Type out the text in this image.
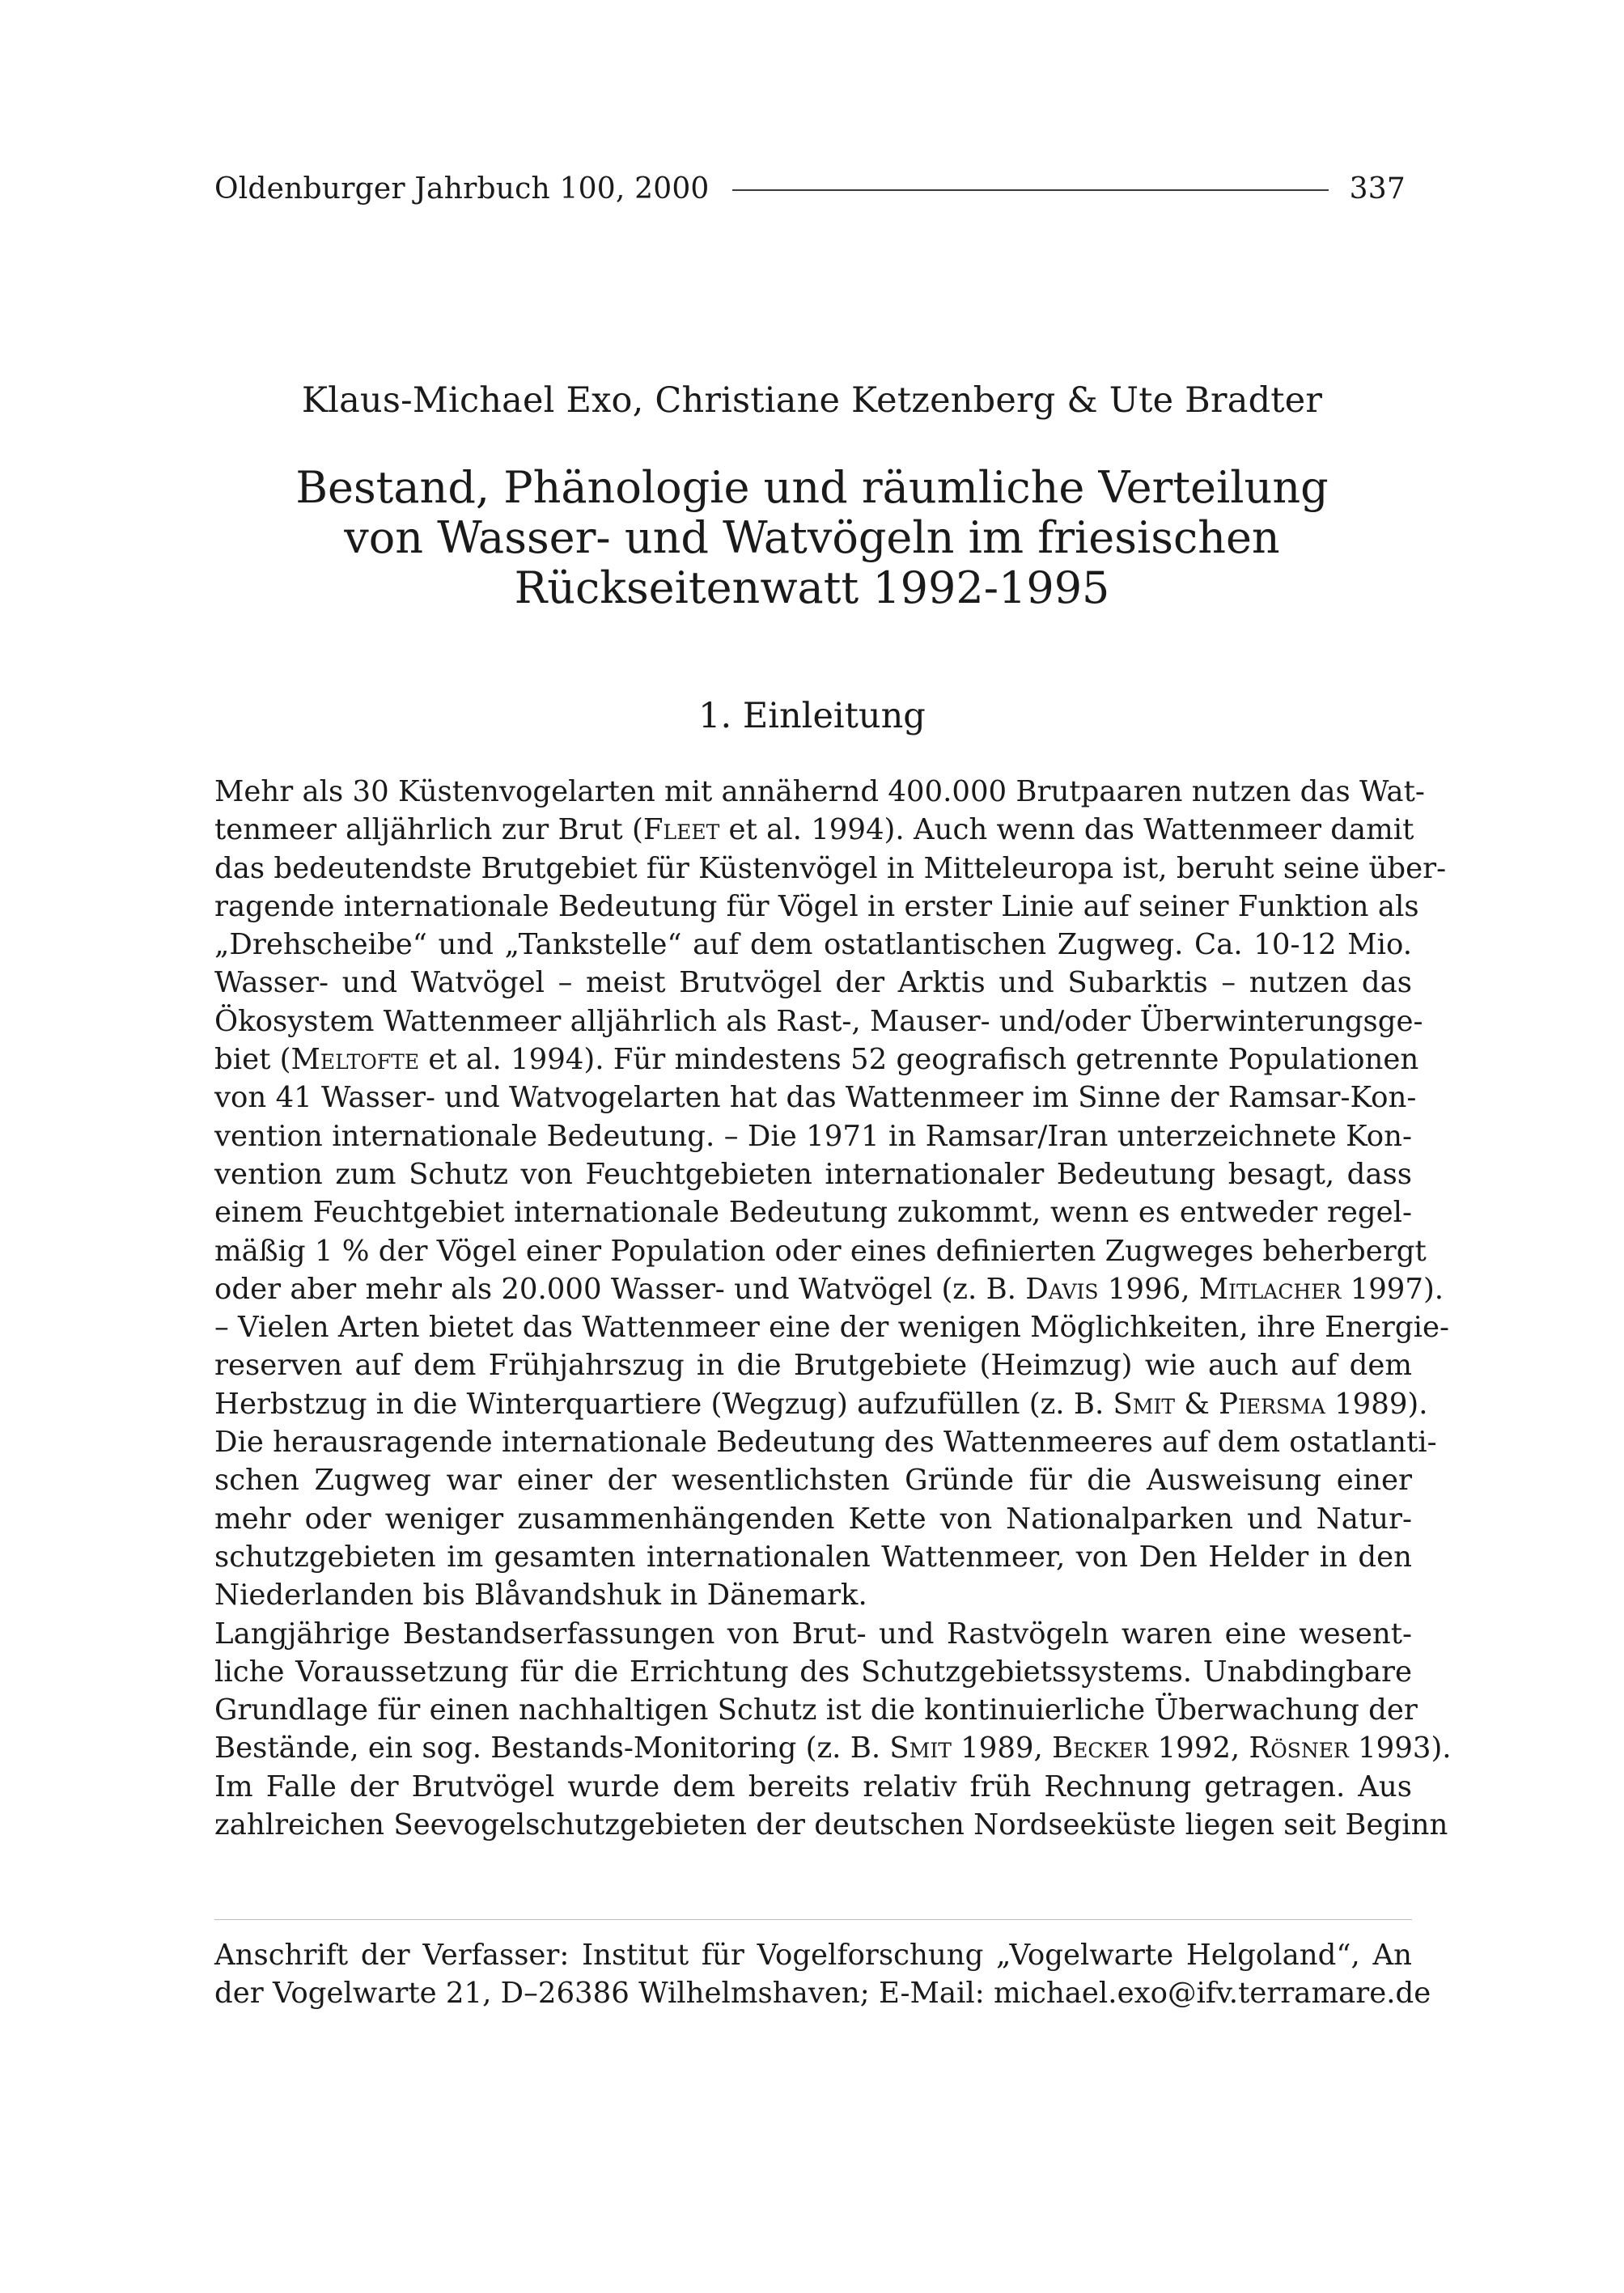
Oldenburger Jahrbuch 100, 2000	337
Klaus-Michael Exo, Christiane Ketzenberg & Ute Bradter
Bestand, Phänologie und räumliche Verteilung
von Wasser- und Watvögeln im friesischen
Rückseitenwatt 1992-1995
1. Einleitung
Mehr als 30 Küstenvogelarten mit annähernd 400.000 Brutpaaren nutzen das Wat-
tenmeer alljährlich zur Brut (Fleet et al. 1994). Auch wenn das Wattenmeer damit
das bedeutendste Brutgebiet für Küstenvögel in Mitteleuropa ist, beruht seine über-
ragende internationale Bedeutung für Vögel in erster Linie auf seiner Funktion als
„Drehscheibe“ und „Tankstelle“ auf dem ostatlantischen Zugweg. Ca. 10-12 Mio.
Wasser- und Watvögel – meist Brutvögel der Arktis und Subarktis – nutzen das
Ökosystem Wattenmeer alljährlich als Rast-, Mauser- und/oder Überwinterungsge-
biet (Meltofte et al. 1994). Für mindestens 52 geografisch getrennte Populationen
von 41 Wasser- und Watvogelarten hat das Wattenmeer im Sinne der Ramsar-Kon-
vention internationale Bedeutung. – Die 1971 in Ramsar/Iran unterzeichnete Kon-
vention zum Schutz von Feuchtgebieten internationaler Bedeutung besagt, dass
einem Feuchtgebiet internationale Bedeutung zukommt, wenn es entweder regel-
mäßig 1 % der Vögel einer Population oder eines definierten Zugweges beherbergt
oder aber mehr als 20.000 Wasser- und Watvögel (z. B. Davis 1996, Mitlacher 1997).
– Vielen Arten bietet das Wattenmeer eine der wenigen Möglichkeiten, ihre Energie-
reserven auf dem Frühjahrszug in die Brutgebiete (Heimzug) wie auch auf dem
Herbstzug in die Winterquartiere (Wegzug) aufzufüllen (z. B. Smit & Piersma 1989).
Die herausragende internationale Bedeutung des Wattenmeeres auf dem ostatlanti-
schen Zugweg war einer der wesentlichsten Gründe für die Ausweisung einer
mehr oder weniger zusammenhängenden Kette von Nationalparken und Natur-
schutzgebieten im gesamten internationalen Wattenmeer, von Den Helder in den
Niederlanden bis Blåvandshuk in Dänemark.
Langjährige Bestandserfassungen von Brut- und Rastvögeln waren eine wesent-
liche Voraussetzung für die Errichtung des Schutzgebietssystems. Unabdingbare
Grundlage für einen nachhaltigen Schutz ist die kontinuierliche Überwachung der
Bestände, ein sog. Bestands-Monitoring (z. B. Smit 1989, Becker 1992, Rösner 1993).
Im Falle der Brutvögel wurde dem bereits relativ früh Rechnung getragen. Aus
zahlreichen Seevogelschutzgebieten der deutschen Nordseeküste liegen seit Beginn
Anschrift der Verfasser: Institut für Vogelforschung „Vogelwarte Helgoland“, An
der Vogelwarte 21, D–26386 Wilhelmshaven; E-Mail: michael.exo@ifv.terramare.de
